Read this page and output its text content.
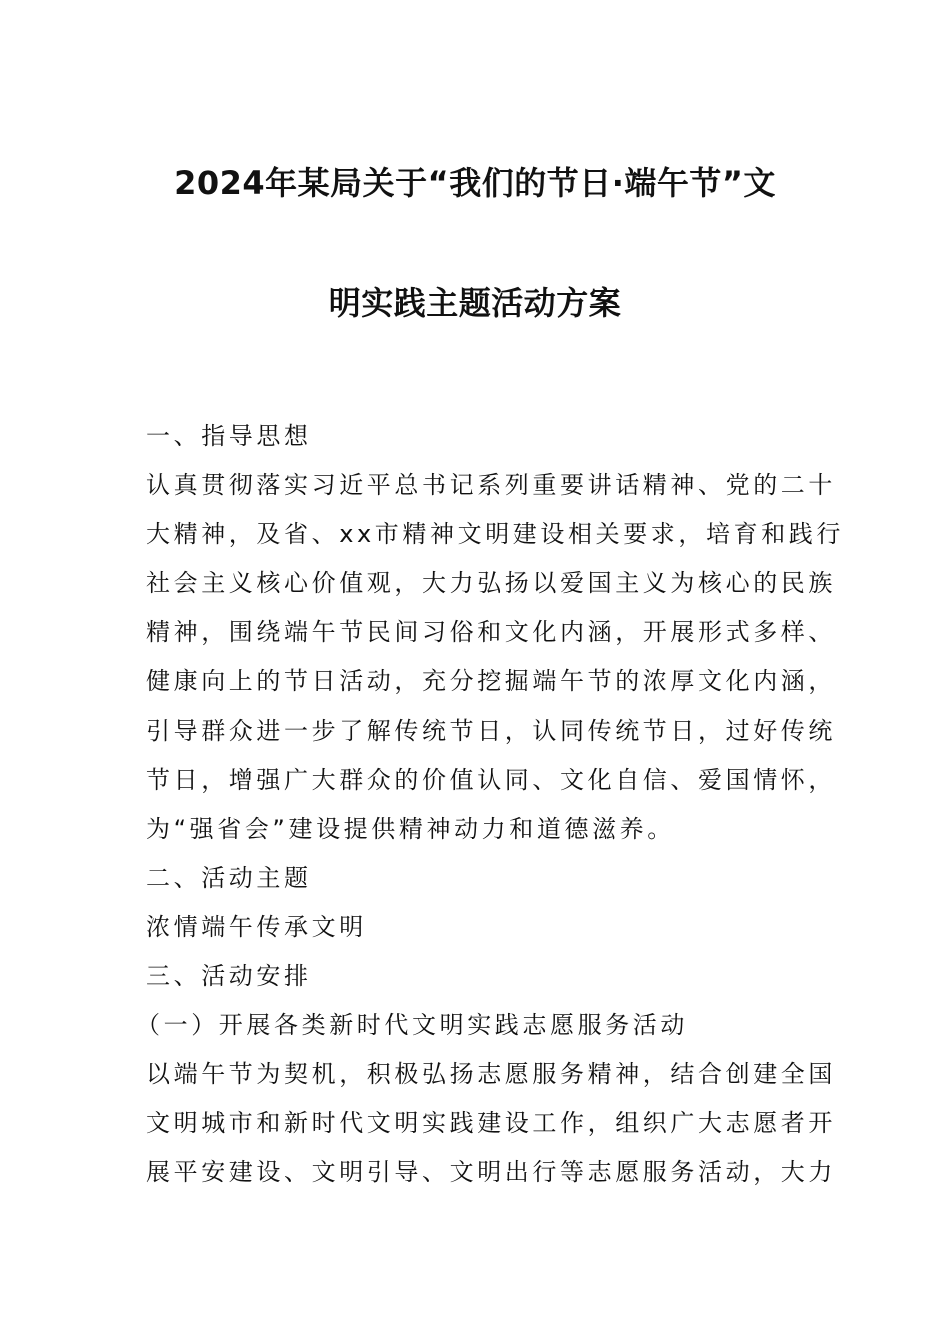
2024年某局关于“我们的节日·端午节”文
明实践主题活动方案
一、指导思想
认真贯彻落实习近平总书记系列重要讲话精神、党的二十
大精神，及省、xx市精神文明建设相关要求，培育和践行
社会主义核心价值观，大力弘扬以爱国主义为核心的民族
精神，围绕端午节民间习俗和文化内涵，开展形式多样、
健康向上的节日活动，充分挖掘端午节的浓厚文化内涵，
引导群众进一步了解传统节日，认同传统节日，过好传统
节日，增强广大群众的价值认同、文化自信、爱国情怀，
为“强省会”建设提供精神动力和道德滋养。
二、活动主题
浓情端午传承文明
三、活动安排
（一）开展各类新时代文明实践志愿服务活动
以端午节为契机，积极弘扬志愿服务精神，结合创建全国
文明城市和新时代文明实践建设工作，组织广大志愿者开
展平安建设、文明引导、文明出行等志愿服务活动，大力
